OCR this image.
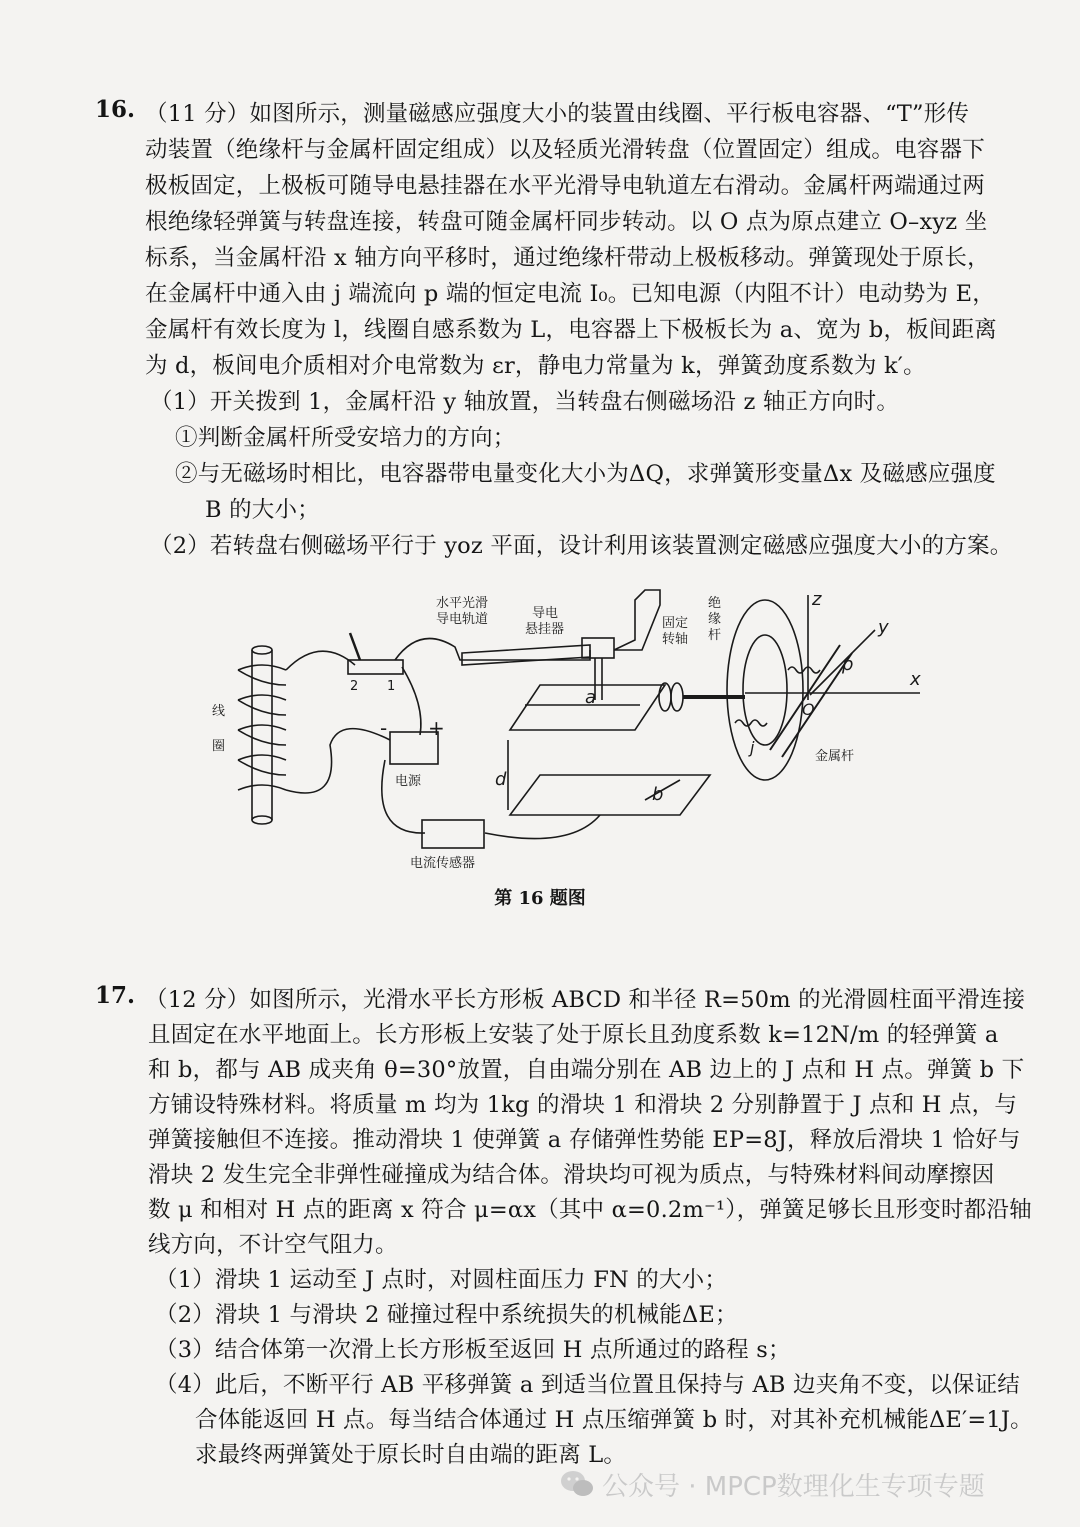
16. （11 分）如图所示，测量磁感应强度大小的装置由线圈、平行板电容器、“T”形传
动装置（绝缘杆与金属杆固定组成）以及轻质光滑转盘（位置固定）组成。电容器下
极板固定，上极板可随导电悬挂器在水平光滑导电轨道左右滑动。金属杆两端通过两
根绝缘轻弹簧与转盘连接，转盘可随金属杆同步转动。以 O 点为原点建立 O–xyz 坐
标系，当金属杆沿 x 轴方向平移时，通过绝缘杆带动上极板移动。弹簧现处于原长，
在金属杆中通入由 j 端流向 p 端的恒定电流 I₀。已知电源（内阻不计）电动势为 E，
金属杆有效长度为 l，线圈自感系数为 L，电容器上下极板长为 a、宽为 b，板间距离
为 d，板间电介质相对介电常数为 εr，静电力常量为 k，弹簧劲度系数为 k′。
（1）开关拨到 1，金属杆沿 y 轴放置，当转盘右侧磁场沿 z 轴正方向时。
①判断金属杆所受安培力的方向；
②与无磁场时相比，电容器带电量变化大小为ΔQ，求弹簧形变量Δx 及磁感应强度
B 的大小；
（2）若转盘右侧磁场平行于 yoz 平面，设计利用该装置测定磁感应强度大小的方案。
水平光滑
导电轨道	导电
悬挂器	固定
转轴
绝
缘
杆
线
圈
电源
电流传感器
金属杆
2 1
- +
a
b
d
x
y
z
p
j
O
第 16 题图
17. （12 分）如图所示，光滑水平长方形板 ABCD 和半径 R=50m 的光滑圆柱面平滑连接
且固定在水平地面上。长方形板上安装了处于原长且劲度系数 k=12N/m 的轻弹簧 a
和 b，都与 AB 成夹角 θ=30°放置，自由端分别在 AB 边上的 J 点和 H 点。弹簧 b 下
方铺设特殊材料。将质量 m 均为 1kg 的滑块 1 和滑块 2 分别静置于 J 点和 H 点，与
弹簧接触但不连接。推动滑块 1 使弹簧 a 存储弹性势能 EP=8J，释放后滑块 1 恰好与
滑块 2 发生完全非弹性碰撞成为结合体。滑块均可视为质点，与特殊材料间动摩擦因
数 μ 和相对 H 点的距离 x 符合 μ=αx（其中 α=0.2m⁻¹），弹簧足够长且形变时都沿轴
线方向，不计空气阻力。
（1）滑块 1 运动至 J 点时，对圆柱面压力 FN 的大小；
（2）滑块 1 与滑块 2 碰撞过程中系统损失的机械能ΔE；
（3）结合体第一次滑上长方形板至返回 H 点所通过的路程 s；
（4）此后，不断平行 AB 平移弹簧 a 到适当位置且保持与 AB 边夹角不变，以保证结
合体能返回 H 点。每当结合体通过 H 点压缩弹簧 b 时，对其补充机械能ΔE′=1J。
求最终两弹簧处于原长时自由端的距离 L。
公众号 · MPCP数理化生专项专题
